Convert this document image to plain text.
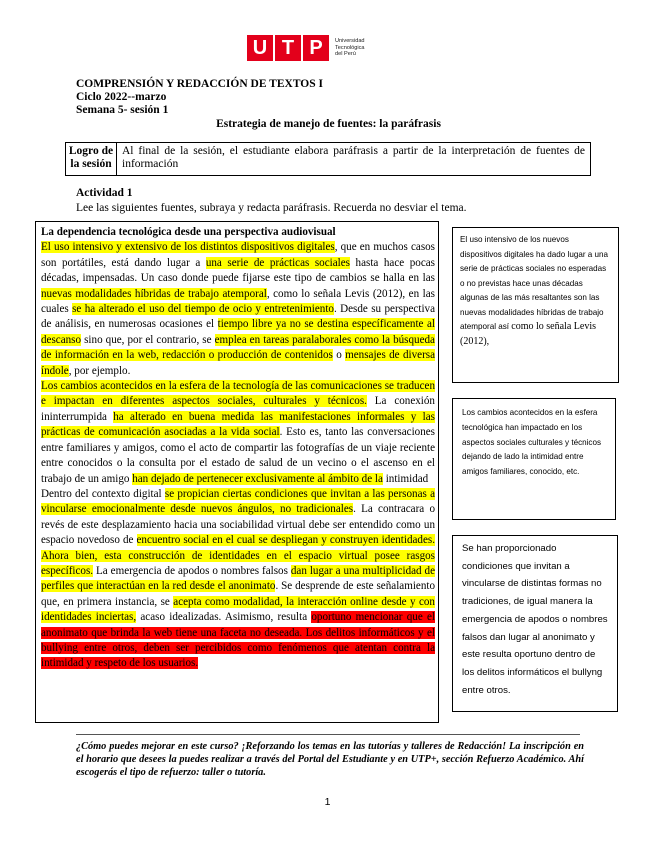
U T P	Universidad
Tecnológica
del Perú
COMPRENSIÓN Y REDACCIÓN DE TEXTOS I
Ciclo 2022--marzo
Semana 5- sesión 1
Estrategia de manejo de fuentes: la paráfrasis
Logro de la sesión
Al final de la sesión, el estudiante elabora paráfrasis a partir de la interpretación de fuentes de información
Actividad 1
Lee las siguientes fuentes, subraya y redacta paráfrasis. Recuerda no desviar el tema.

La dependencia tecnológica desde una perspectiva audiovisual

El uso intensivo y extensivo de los distintos dispositivos digitales, que en muchos casos son portátiles, está dando lugar a una serie de prácticas sociales hasta hace pocas décadas, impensadas. Un caso donde puede fijarse este tipo de cambios se halla en las nuevas modalidades híbridas de trabajo atemporal, como lo señala Levis (2012), en las cuales se ha alterado el uso del tiempo de ocio y entretenimiento. Desde su perspectiva de análisis, en numerosas ocasiones el tiempo libre ya no se destina específicamente al descanso sino que, por el contrario, se emplea en tareas paralaborales como la búsqueda de información en la web, redacción o producción de contenidos o mensajes de diversa índole, por ejemplo.

Los cambios acontecidos en la esfera de la tecnología de las comunicaciones se traducen e impactan en diferentes aspectos sociales, culturales y técnicos. La conexión ininterrumpida ha alterado en buena medida las manifestaciones informales y las prácticas de comunicación asociadas a la vida social. Esto es, tanto las conversaciones entre familiares y amigos, como el acto de compartir las fotografías de un viaje reciente entre conocidos o la consulta por el estado de salud de un vecino o el ascenso en el trabajo de un amigo han dejado de pertenecer exclusivamente al ámbito de la intimidad

Dentro del contexto digital se propician ciertas condiciones que invitan a las personas a vincularse emocionalmente desde nuevos ángulos, no tradicionales. La contracara o revés de este desplazamiento hacia una sociabilidad virtual debe ser entendido como un espacio novedoso de encuentro social en el cual se despliegan y construyen identidades. Ahora bien, esta construcción de identidades en el espacio virtual posee rasgos específicos. La emergencia de apodos o nombres falsos dan lugar a una multiplicidad de perfiles que interactúan en la red desde el anonimato. Se desprende de este señalamiento que, en primera instancia, se acepta como modalidad, la interacción online desde y con identidades inciertas, acaso idealizadas. Asimismo, resulta oportuno mencionar que el anonimato que brinda la web tiene una faceta no deseada. Los delitos informáticos y el bullying entre otros, deben ser percibidos como fenómenos que atentan contra la intimidad y respeto de los usuarios.

El uso intensivo de los nuevos dispositivos digitales ha dado lugar a una serie de prácticas sociales no esperadas o no previstas hace unas décadas algunas de las más resaltantes son las nuevas modalidades híbridas de trabajo atemporal así como lo señala Levis (2012),
Los cambios acontecidos en la esfera tecnológica han impactado en los aspectos sociales culturales y técnicos dejando de lado la intimidad entre amigos familiares, conocido, etc.
Se han proporcionado condiciones que invitan a vincularse de distintas formas no tradiciones, de igual manera la emergencia de apodos o nombres falsos dan lugar al anonimato y este resulta oportuno dentro de los delitos informáticos el bullyng entre otros.
¿Cómo puedes mejorar en este curso? ¡Reforzando los temas en las tutorías y talleres de Redacción! La inscripción en el horario que desees la puedes realizar a través del Portal del Estudiante y en UTP+, sección Refuerzo Académico. Ahí escogerás el tipo de refuerzo: taller o tutoría.
1
